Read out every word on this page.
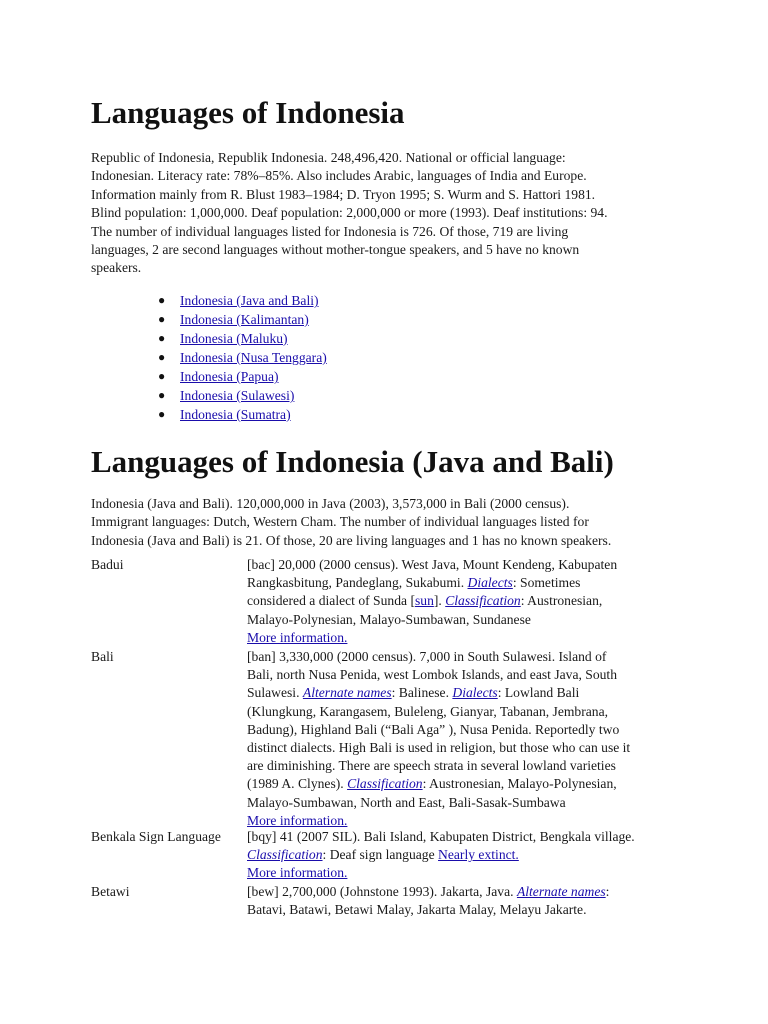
Languages of Indonesia
Republic of Indonesia, Republik Indonesia. 248,496,420. National or official language:
Indonesian. Literacy rate: 78%–85%. Also includes Arabic, languages of India and Europe.
Information mainly from R. Blust 1983–1984; D. Tryon 1995; S. Wurm and S. Hattori 1981.
Blind population: 1,000,000. Deaf population: 2,000,000 or more (1993). Deaf institutions: 94.
The number of individual languages listed for Indonesia is 726. Of those, 719 are living
languages, 2 are second languages without mother-tongue speakers, and 5 have no known
speakers.
● Indonesia (Java and Bali)
● Indonesia (Kalimantan)
● Indonesia (Maluku)
● Indonesia (Nusa Tenggara)
● Indonesia (Papua)
● Indonesia (Sulawesi)
● Indonesia (Sumatra)
Languages of Indonesia (Java and Bali)
Indonesia (Java and Bali). 120,000,000 in Java (2003), 3,573,000 in Bali (2000 census).
Immigrant languages: Dutch, Western Cham. The number of individual languages listed for
Indonesia (Java and Bali) is 21. Of those, 20 are living languages and 1 has no known speakers.
Badui	[bac] 20,000 (2000 census). West Java, Mount Kendeng, Kabupaten
Rangkasbitung, Pandeglang, Sukabumi. Dialects: Sometimes
considered a dialect of Sunda [sun]. Classification: Austronesian,
Malayo-Polynesian, Malayo-Sumbawan, Sundanese
More information.
Bali	[ban] 3,330,000 (2000 census). 7,000 in South Sulawesi. Island of
Bali, north Nusa Penida, west Lombok Islands, and east Java, South
Sulawesi. Alternate names: Balinese. Dialects: Lowland Bali
(Klungkung, Karangasem, Buleleng, Gianyar, Tabanan, Jembrana,
Badung), Highland Bali (“Bali Aga” ), Nusa Penida. Reportedly two
distinct dialects. High Bali is used in religion, but those who can use it
are diminishing. There are speech strata in several lowland varieties
(1989 A. Clynes). Classification: Austronesian, Malayo-Polynesian,
Malayo-Sumbawan, North and East, Bali-Sasak-Sumbawa
More information.
Benkala Sign Language	[bqy] 41 (2007 SIL). Bali Island, Kabupaten District, Bengkala village.
Classification: Deaf sign language Nearly extinct.
More information.
Betawi	[bew] 2,700,000 (Johnstone 1993). Jakarta, Java. Alternate names:
Batavi, Batawi, Betawi Malay, Jakarta Malay, Melayu Jakarte.
